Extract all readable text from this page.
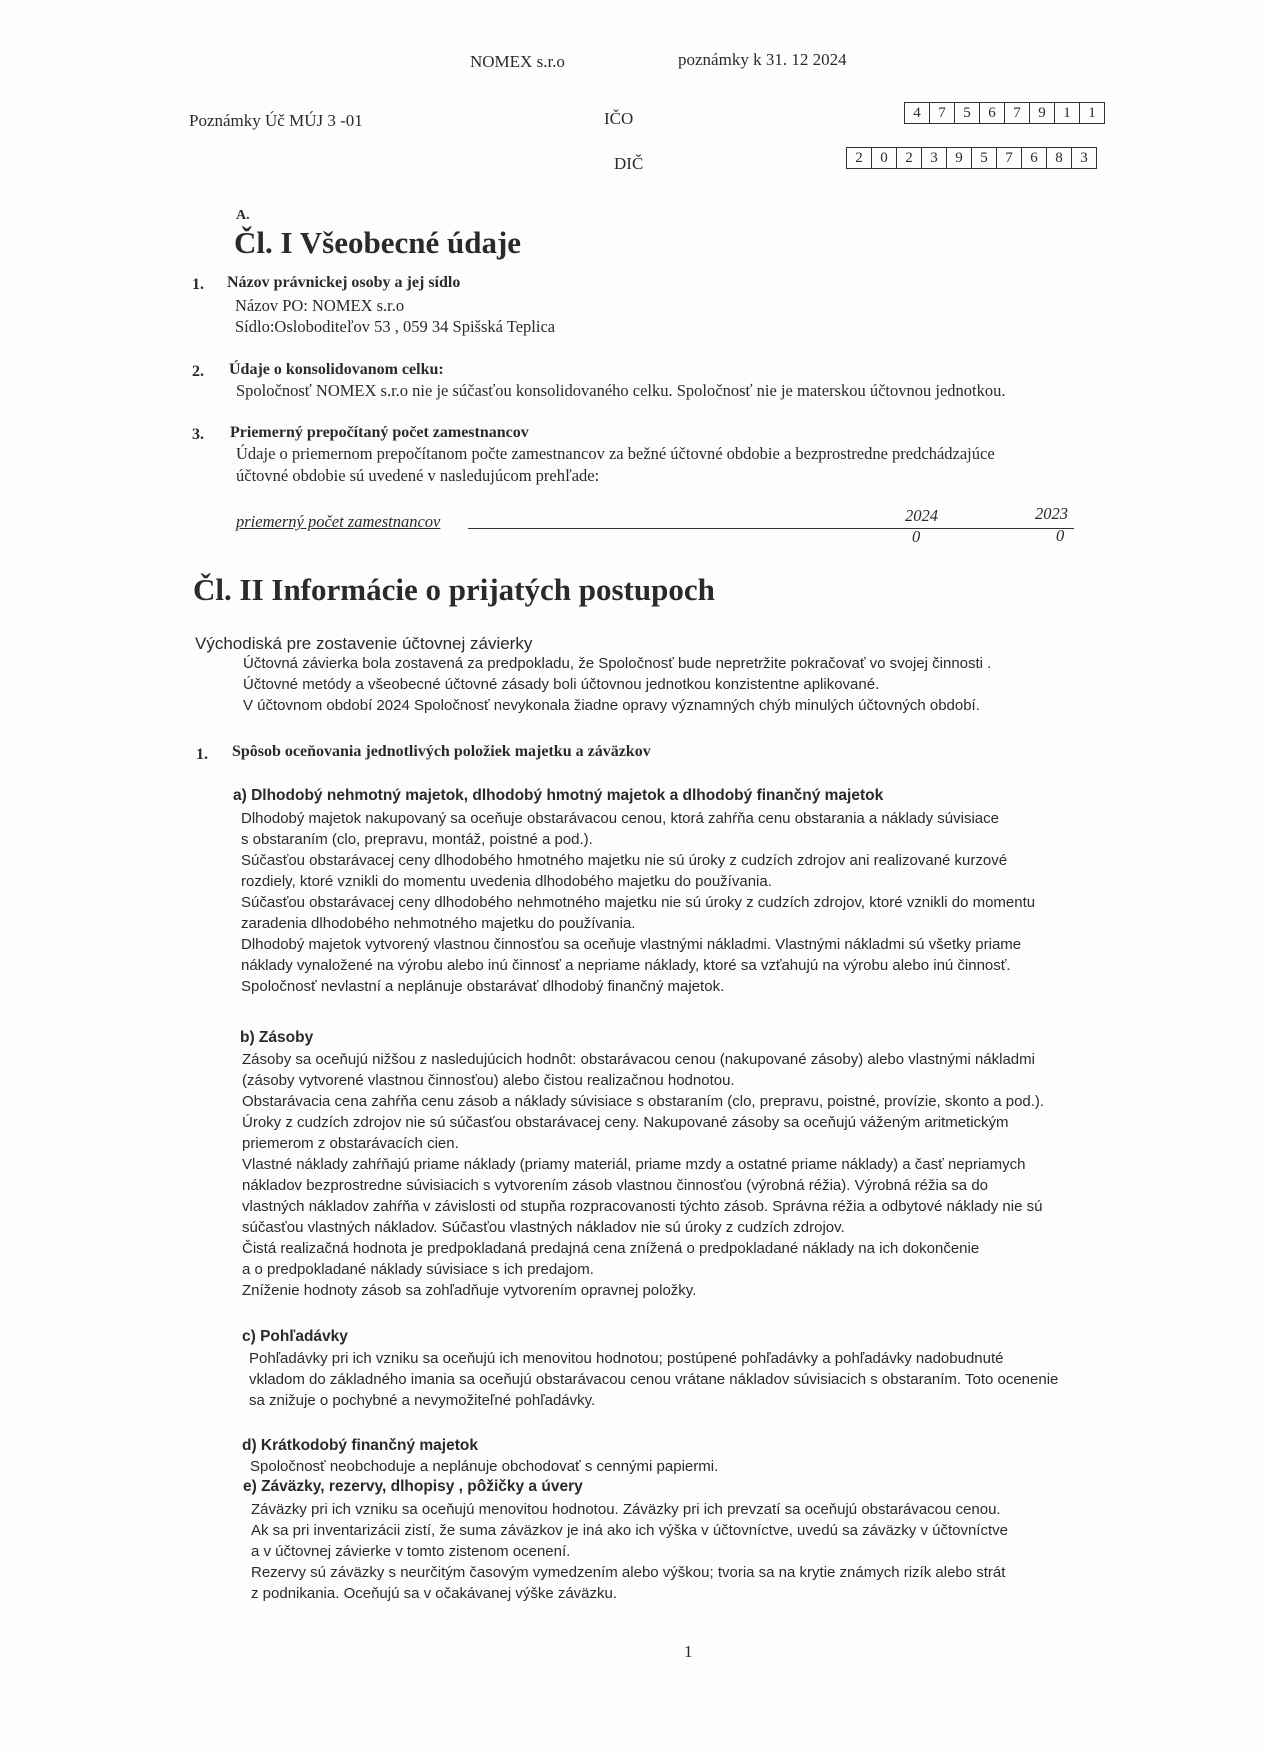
NOMEX s.r.o	poznámky k 31. 12 2024
Poznámky Úč MÚJ 3 -01	IČO	4	7	5	6	7	9	1	1
DIČ	2	0	2	3	9	5	7	6	8	3
A.
Čl. I Všeobecné údaje
1. Názov právnickej osoby a jej sídlo
Názov PO: NOMEX s.r.o
Sídlo:Osloboditeľov 53 , 059 34 Spišská Teplica
2. Údaje o konsolidovanom celku:
Spoločnosť NOMEX s.r.o nie je súčasťou konsolidovaného celku. Spoločnosť nie je materskou účtovnou jednotkou.
3. Priemerný prepočítaný počet zamestnancov
Údaje o priemernom prepočítanom počte zamestnancov za bežné účtovné obdobie a bezprostredne predchádzajúce
účtovné obdobie sú uvedené v nasledujúcom prehľade:
priemerný počet zamestnancov	2024	2023
0	0
Čl. II Informácie o prijatých postupoch
Východiská pre zostavenie účtovnej závierky

Účtovná závierka bola zostavená za predpokladu, že Spoločnosť bude nepretržite pokračovať vo svojej činnosti .

Účtovné metódy a všeobecné účtovné zásady boli účtovnou jednotkou konzistentne aplikované.

V účtovnom období 2024 Spoločnosť nevykonala žiadne opravy významných chýb minulých účtovných období.

1. Spôsob oceňovania jednotlivých položiek majetku a záväzkov
a) Dlhodobý nehmotný majetok, dlhodobý hmotný majetok a dlhodobý finančný majetok

Dlhodobý majetok nakupovaný sa oceňuje obstarávacou cenou, ktorá zahŕňa cenu obstarania a náklady súvisiace

s obstaraním (clo, prepravu, montáž, poistné a pod.).

Súčasťou obstarávacej ceny dlhodobého hmotného majetku nie sú úroky z cudzích zdrojov ani realizované kurzové

rozdiely, ktoré vznikli do momentu uvedenia dlhodobého majetku do používania.

Súčasťou obstarávacej ceny dlhodobého nehmotného majetku nie sú úroky z cudzích zdrojov, ktoré vznikli do momentu

zaradenia dlhodobého nehmotného majetku do používania.

Dlhodobý majetok vytvorený vlastnou činnosťou sa oceňuje vlastnými nákladmi. Vlastnými nákladmi sú všetky priame

náklady vynaložené na výrobu alebo inú činnosť a nepriame náklady, ktoré sa vzťahujú na výrobu alebo inú činnosť.

Spoločnosť nevlastní a neplánuje obstarávať dlhodobý finančný majetok.

b) Zásoby

Zásoby sa oceňujú nižšou z nasledujúcich hodnôt: obstarávacou cenou (nakupované zásoby) alebo vlastnými nákladmi

(zásoby vytvorené vlastnou činnosťou) alebo čistou realizačnou hodnotou.

Obstarávacia cena zahŕňa cenu zásob a náklady súvisiace s obstaraním (clo, prepravu, poistné, provízie, skonto a pod.).

Úroky z cudzích zdrojov nie sú súčasťou obstarávacej ceny. Nakupované zásoby sa oceňujú váženým aritmetickým

priemerom z obstarávacích cien.

Vlastné náklady zahŕňajú priame náklady (priamy materiál, priame mzdy a ostatné priame náklady) a časť nepriamych

nákladov bezprostredne súvisiacich s vytvorením zásob vlastnou činnosťou (výrobná réžia). Výrobná réžia sa do

vlastných nákladov zahŕňa v závislosti od stupňa rozpracovanosti týchto zásob. Správna réžia a odbytové náklady nie sú

súčasťou vlastných nákladov. Súčasťou vlastných nákladov nie sú úroky z cudzích zdrojov.

Čistá realizačná hodnota je predpokladaná predajná cena znížená o predpokladané náklady na ich dokončenie

a o predpokladané náklady súvisiace s ich predajom.

Zníženie hodnoty zásob sa zohľadňuje vytvorením opravnej položky.

c) Pohľadávky

Pohľadávky pri ich vzniku sa oceňujú ich menovitou hodnotou; postúpené pohľadávky a pohľadávky nadobudnuté

vkladom do základného imania sa oceňujú obstarávacou cenou vrátane nákladov súvisiacich s obstaraním. Toto ocenenie

sa znižuje o pochybné a nevymožiteľné pohľadávky.

d) Krátkodobý finančný majetok

Spoločnosť neobchoduje a neplánuje obchodovať s cennými papiermi.

e) Záväzky, rezervy, dlhopisy , pôžičky a úvery

Záväzky pri ich vzniku sa oceňujú menovitou hodnotou. Záväzky pri ich prevzatí sa oceňujú obstarávacou cenou.

Ak sa pri inventarizácii zistí, že suma záväzkov je iná ako ich výška v účtovníctve, uvedú sa záväzky v účtovníctve

a v účtovnej závierke v tomto zistenom ocenení.

Rezervy sú záväzky s neurčitým časovým vymedzením alebo výškou; tvoria sa na krytie známych rizík alebo strát

z podnikania. Oceňujú sa v očakávanej výške záväzku.

1
